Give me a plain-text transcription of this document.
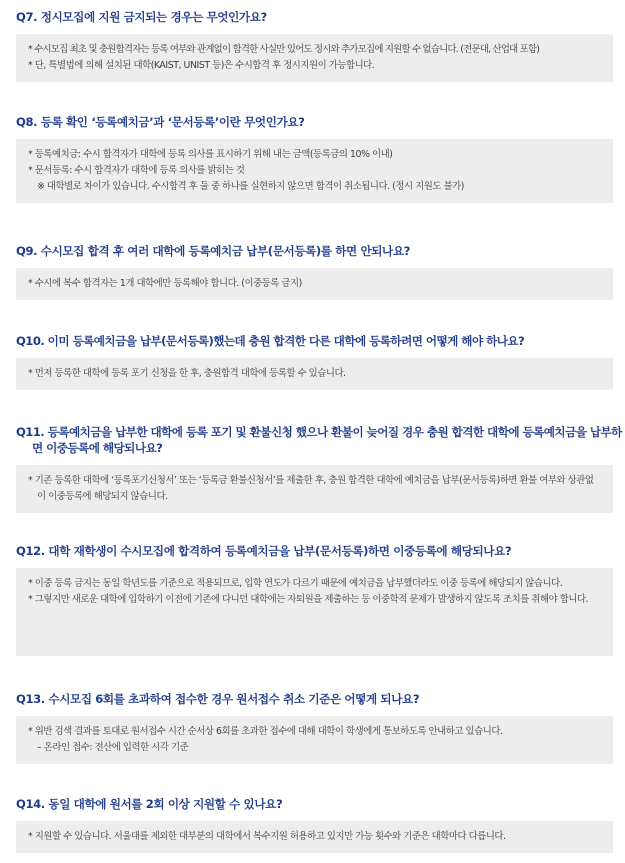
Q7. 정시모집에 지원 금지되는 경우는 무엇인가요?
* 수시모집 최초 및 충원합격자는 등록 여부와 관계없이 합격한 사실만 있어도 정시와 추가모집에 지원할 수 없습니다. (전문대, 산업대 포함)
* 단, 특별법에 의해 설치된 대학(KAIST, UNIST 등)은 수시합격 후 정시지원이 가능합니다.
Q8. 등록 확인 ‘등록예치금’과 ‘문서등록’이란 무엇인가요?
* 등록예치금: 수시 합격자가 대학에 등록 의사를 표시하기 위해 내는 금액(등록금의 10% 이내)
* 문서등록: 수시 합격자가 대학에 등록 의사를 밝히는 것
※ 대학별로 차이가 있습니다. 수시합격 후 둘 중 하나를 실현하지 않으면 합격이 취소됩니다. (정시 지원도 불가)
Q9. 수시모집 합격 후 여러 대학에 등록예치금 납부(문서등록)를 하면 안되나요?
* 수시에 복수 합격자는 1개 대학에만 등록해야 합니다. (이중등록 금지)
Q10. 이미 등록예치금을 납부(문서등록)했는데 충원 합격한 다른 대학에 등록하려면 어떻게 해야 하나요?
* 먼저 등록한 대학에 등록 포기 신청을 한 후, 충원합격 대학에 등록할 수 있습니다.
Q11. 등록예치금을 납부한 대학에 등록 포기 및 환불신청 했으나 환불이 늦어질 경우 충원 합격한 대학에 등록예치금을 납부하면 이중등록에 해당되나요?
* 기존 등록한 대학에 ‘등록포기신청서’ 또는 ‘등록금 환불신청서’를 제출한 후, 충원 합격한 대학에 예치금을 납부(문서등록)하면 환불 여부와 상관없이 이중등록에 해당되지 않습니다.
Q12. 대학 재학생이 수시모집에 합격하여 등록예치금을 납부(문서등록)하면 이중등록에 해당되나요?
* 이중 등록 금지는 동일 학년도를 기준으로 적용되므로, 입학 연도가 다르기 때문에 예치금을 납부했더라도 이중 등록에 해당되지 않습니다.
* 그렇지만 새로운 대학에 입학하기 이전에 기존에 다니던 대학에는 자퇴원을 제출하는 등 이중학적 문제가 발생하지 않도록 조치를 취해야 합니다.
Q13. 수시모집 6회를 초과하여 접수한 경우 원서접수 취소 기준은 어떻게 되나요?
* 위반 검색 결과를 토대로 원서접수 시간 순서상 6회를 초과한 접수에 대해 대학이 학생에게 통보하도록 안내하고 있습니다.
– 온라인 접수: 전산에 입력한 시각 기준
Q14. 동일 대학에 원서를 2회 이상 지원할 수 있나요?
* 지원할 수 있습니다. 서울대를 제외한 대부분의 대학에서 복수지원 허용하고 있지만 가능 횟수와 기준은 대학마다 다릅니다.
